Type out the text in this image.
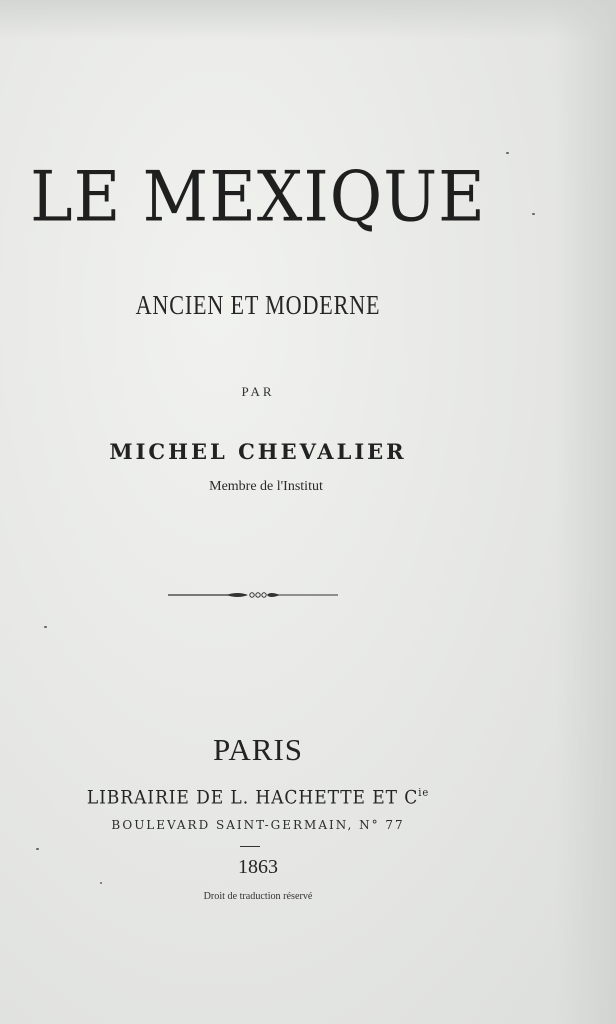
LE MEXIQUE
ANCIEN ET MODERNE
PAR
MICHEL CHEVALIER
Membre de l'Institut
PARIS
LIBRAIRIE DE L. HACHETTE ET $C^{ie}$
BOULEVARD SAINT-GERMAIN, N° 77
1863
Droit de traduction réservé
